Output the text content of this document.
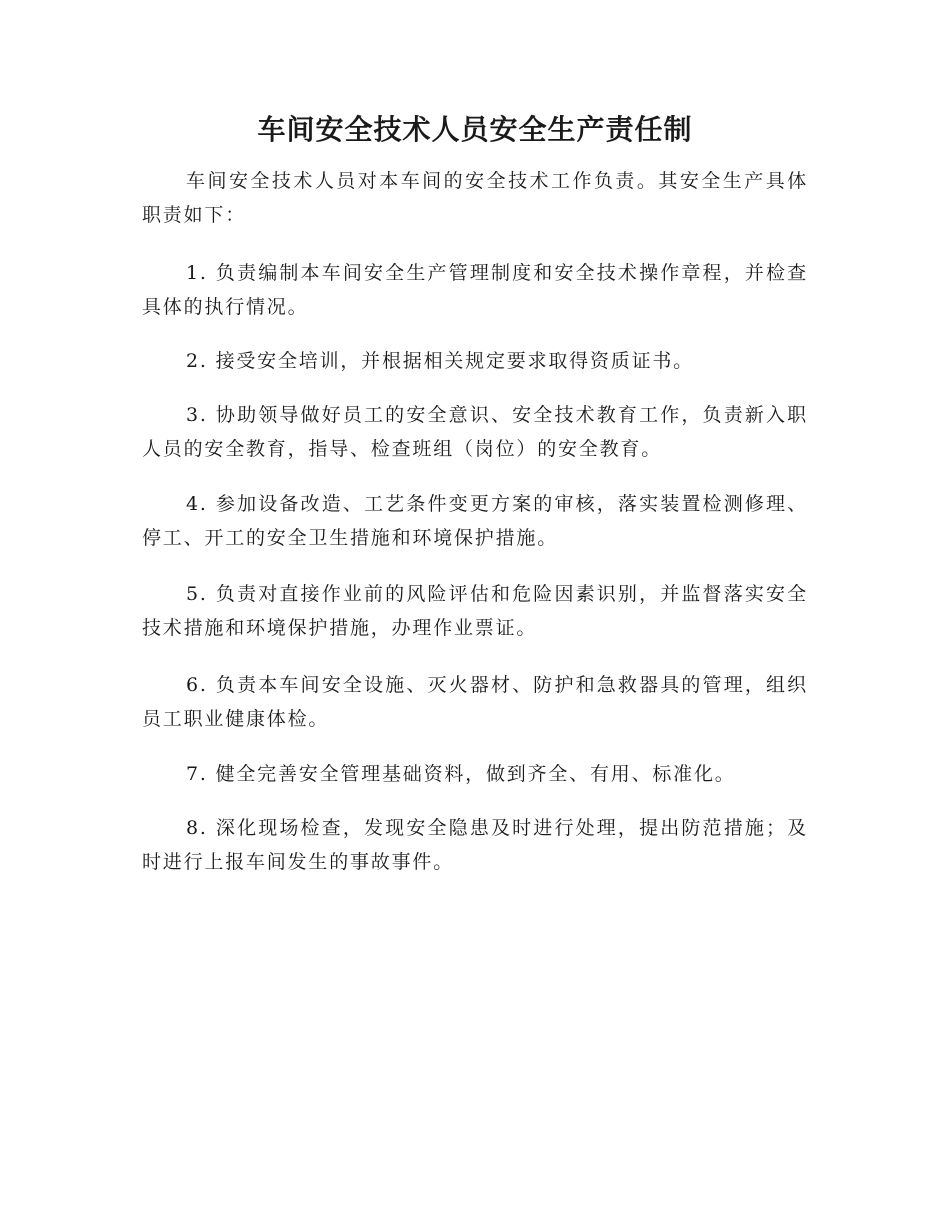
车间安全技术人员安全生产责任制

车间安全技术人员对本车间的安全技术工作负责。其安全生产具体职责如下：

1. 负责编制本车间安全生产管理制度和安全技术操作章程，并检查具体的执行情况。

2. 接受安全培训，并根据相关规定要求取得资质证书。

3. 协助领导做好员工的安全意识、安全技术教育工作，负责新入职人员的安全教育，指导、检查班组（岗位）的安全教育。

4. 参加设备改造、工艺条件变更方案的审核，落实装置检测修理、停工、开工的安全卫生措施和环境保护措施。

5. 负责对直接作业前的风险评估和危险因素识别，并监督落实安全技术措施和环境保护措施，办理作业票证。

6. 负责本车间安全设施、灭火器材、防护和急救器具的管理，组织员工职业健康体检。

7. 健全完善安全管理基础资料，做到齐全、有用、标准化。

8. 深化现场检查，发现安全隐患及时进行处理，提出防范措施；及时进行上报车间发生的事故事件。
